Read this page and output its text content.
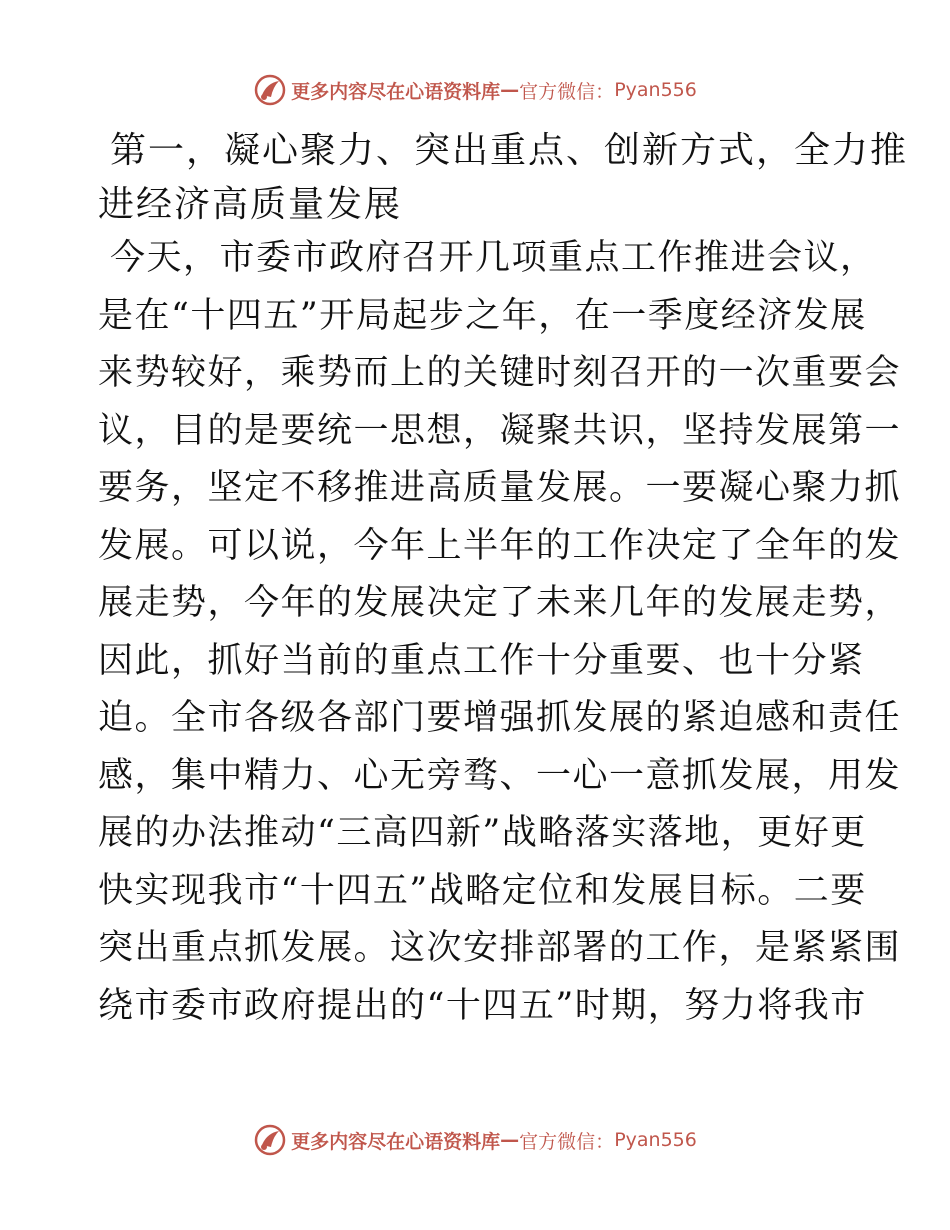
更多内容尽在心语资料库 — 官方微信： Pyan556
第一，凝心聚力、突出重点、创新方式，全力推
进经济高质量发展
今天，市委市政府召开几项重点工作推进会议，
是在“十四五”开局起步之年，在一季度经济发展
来势较好，乘势而上的关键时刻召开的一次重要会
议，目的是要统一思想，凝聚共识，坚持发展第一
要务，坚定不移推进高质量发展。一要凝心聚力抓
发展。可以说，今年上半年的工作决定了全年的发
展走势，今年的发展决定了未来几年的发展走势，
因此，抓好当前的重点工作十分重要、也十分紧
迫。全市各级各部门要增强抓发展的紧迫感和责任
感，集中精力、心无旁骛、一心一意抓发展，用发
展的办法推动“三高四新”战略落实落地，更好更
快实现我市“十四五”战略定位和发展目标。二要
突出重点抓发展。这次安排部署的工作，是紧紧围
绕市委市政府提出的“十四五”时期，努力将我市
更多内容尽在心语资料库 — 官方微信： Pyan556
